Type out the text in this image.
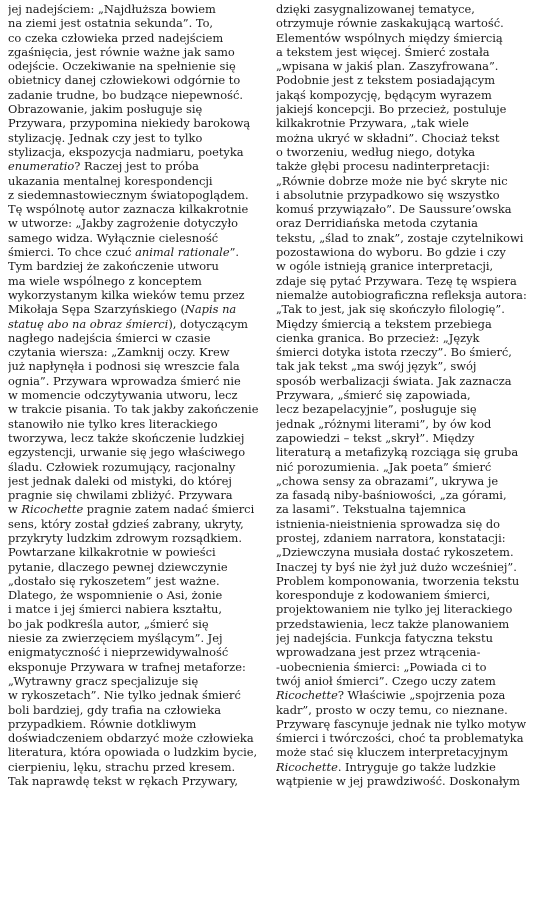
jej nadejściem: „Najdłuższa bowiem
na ziemi jest ostatnia sekunda”. To,
co czeka człowieka przed nadejściem
zgaśnięcia, jest równie ważne jak samo
odejście. Oczekiwanie na spełnienie się
obietnicy danej człowiekowi odgórnie to
zadanie trudne, bo budzące niepewność.
Obrazowanie, jakim posługuje się
Przywara, przypomina niekiedy barokową
stylizację. Jednak czy jest to tylko
stylizacja, ekspozycja nadmiaru, poetyka
enumeratio? Raczej jest to próba
ukazania mentalnej korespondencji
z siedemnastowiecznym światopoglądem.
Tę wspólnotę autor zaznacza kilkakrotnie
w utworze: „Jakby zagrożenie dotyczyło
samego widza. Wyłącznie cielesność
śmierci. To chce czuć animal rationale”.
Tym bardziej że zakończenie utworu
ma wiele wspólnego z konceptem
wykorzystanym kilka wieków temu przez
Mikołaja Sępa Szarzyńskiego (Napis na
statuę abo na obraz śmierci), dotyczącym
nagłego nadejścia śmierci w czasie
czytania wiersza: „Zamknij oczy. Krew
już napłynęła i podnosi się wreszcie fala
ognia”. Przywara wprowadza śmierć nie
w momencie odczytywania utworu, lecz
w trakcie pisania. To tak jakby zakończenie
stanowiło nie tylko kres literackiego
tworzywa, lecz także skończenie ludzkiej
egzystencji, urwanie się jego właściwego
śladu. Człowiek rozumujący, racjonalny
jest jednak daleki od mistyki, do której
pragnie się chwilami zbliżyć. Przywara
w Ricochette pragnie zatem nadać śmierci
sens, który został gdzieś zabrany, ukryty,
przykryty ludzkim zdrowym rozsądkiem.
Powtarzane kilkakrotnie w powieści
pytanie, dlaczego pewnej dziewczynie
„dostało się rykoszetem” jest ważne.
Dlatego, że wspomnienie o Asi, żonie
i matce i jej śmierci nabiera kształtu,
bo jak podkreśla autor, „śmierć się
niesie za zwierzęciem myślącym”. Jej
enigmatyczność i nieprzewidywalność
eksponuje Przywara w trafnej metaforze:
„Wytrawny gracz specjalizuje się
w rykoszetach”. Nie tylko jednak śmierć
boli bardziej, gdy trafia na człowieka
przypadkiem. Równie dotkliwym
doświadczeniem obdarzyć może człowieka
literatura, która opowiada o ludzkim bycie,
cierpieniu, lęku, strachu przed kresem.
Tak naprawdę tekst w rękach Przywary,
dzięki zasygnalizowanej tematyce,
otrzymuje równie zaskakującą wartość.
Elementów wspólnych między śmiercią
a tekstem jest więcej. Śmierć została
„wpisana w jakiś plan. Zaszyfrowana”.
Podobnie jest z tekstem posiadającym
jakąś kompozycję, będącym wyrazem
jakiejś koncepcji. Bo przecież, postuluje
kilkakrotnie Przywara, „tak wiele
można ukryć w składni”. Chociaż tekst
o tworzeniu, według niego, dotyka
także głębi procesu nadinterpretacji:
„Równie dobrze może nie być skryte nic
i absolutnie przypadkowo się wszystko
komuś przywiązało”. De Saussure’owska
oraz Derridiańska metoda czytania
tekstu, „ślad to znak”, zostaje czytelnikowi
pozostawiona do wyboru. Bo gdzie i czy
w ogóle istnieją granice interpretacji,
zdaje się pytać Przywara. Tezę tę wspiera
niemalże autobiograficzna refleksja autora:
„Tak to jest, jak się skończyło filologię”.
Między śmiercią a tekstem przebiega
cienka granica. Bo przecież: „Język
śmierci dotyka istota rzeczy”. Bo śmierć,
tak jak tekst „ma swój język”, swój
sposób werbalizacji świata. Jak zaznacza
Przywara, „śmierć się zapowiada,
lecz bezapelacyjnie”, posługuje się
jednak „różnymi literami”, by ów kod
zapowiedzi – tekst „skrył”. Między
literaturą a metafizyką rozciąga się gruba
nić porozumienia. „Jak poeta” śmierć
„chowa sensy za obrazami”, ukrywa je
za fasadą niby-baśniowości, „za górami,
za lasami”. Tekstualna tajemnica
istnienia-nieistnienia sprowadza się do
prostej, zdaniem narratora, konstatacji:
„Dziewczyna musiała dostać rykoszetem.
Inaczej ty byś nie żył już dużo wcześniej”.
Problem komponowania, tworzenia tekstu
koresponduje z kodowaniem śmierci,
projektowaniem nie tylko jej literackiego
przedstawienia, lecz także planowaniem
jej nadejścia. Funkcja fatyczna tekstu
wprowadzana jest przez wtrącenia-
-uobecnienia śmierci: „Powiada ci to
twój anioł śmierci”. Czego uczy zatem
Ricochette? Właściwie „spojrzenia poza
kadr”, prosto w oczy temu, co nieznane.
Przywarę fascynuje jednak nie tylko motyw
śmierci i twórczości, choć ta problematyka
może stać się kluczem interpretacyjnym
Ricochette. Intryguje go także ludzkie
wątpienie w jej prawdziwość. Doskonałym
